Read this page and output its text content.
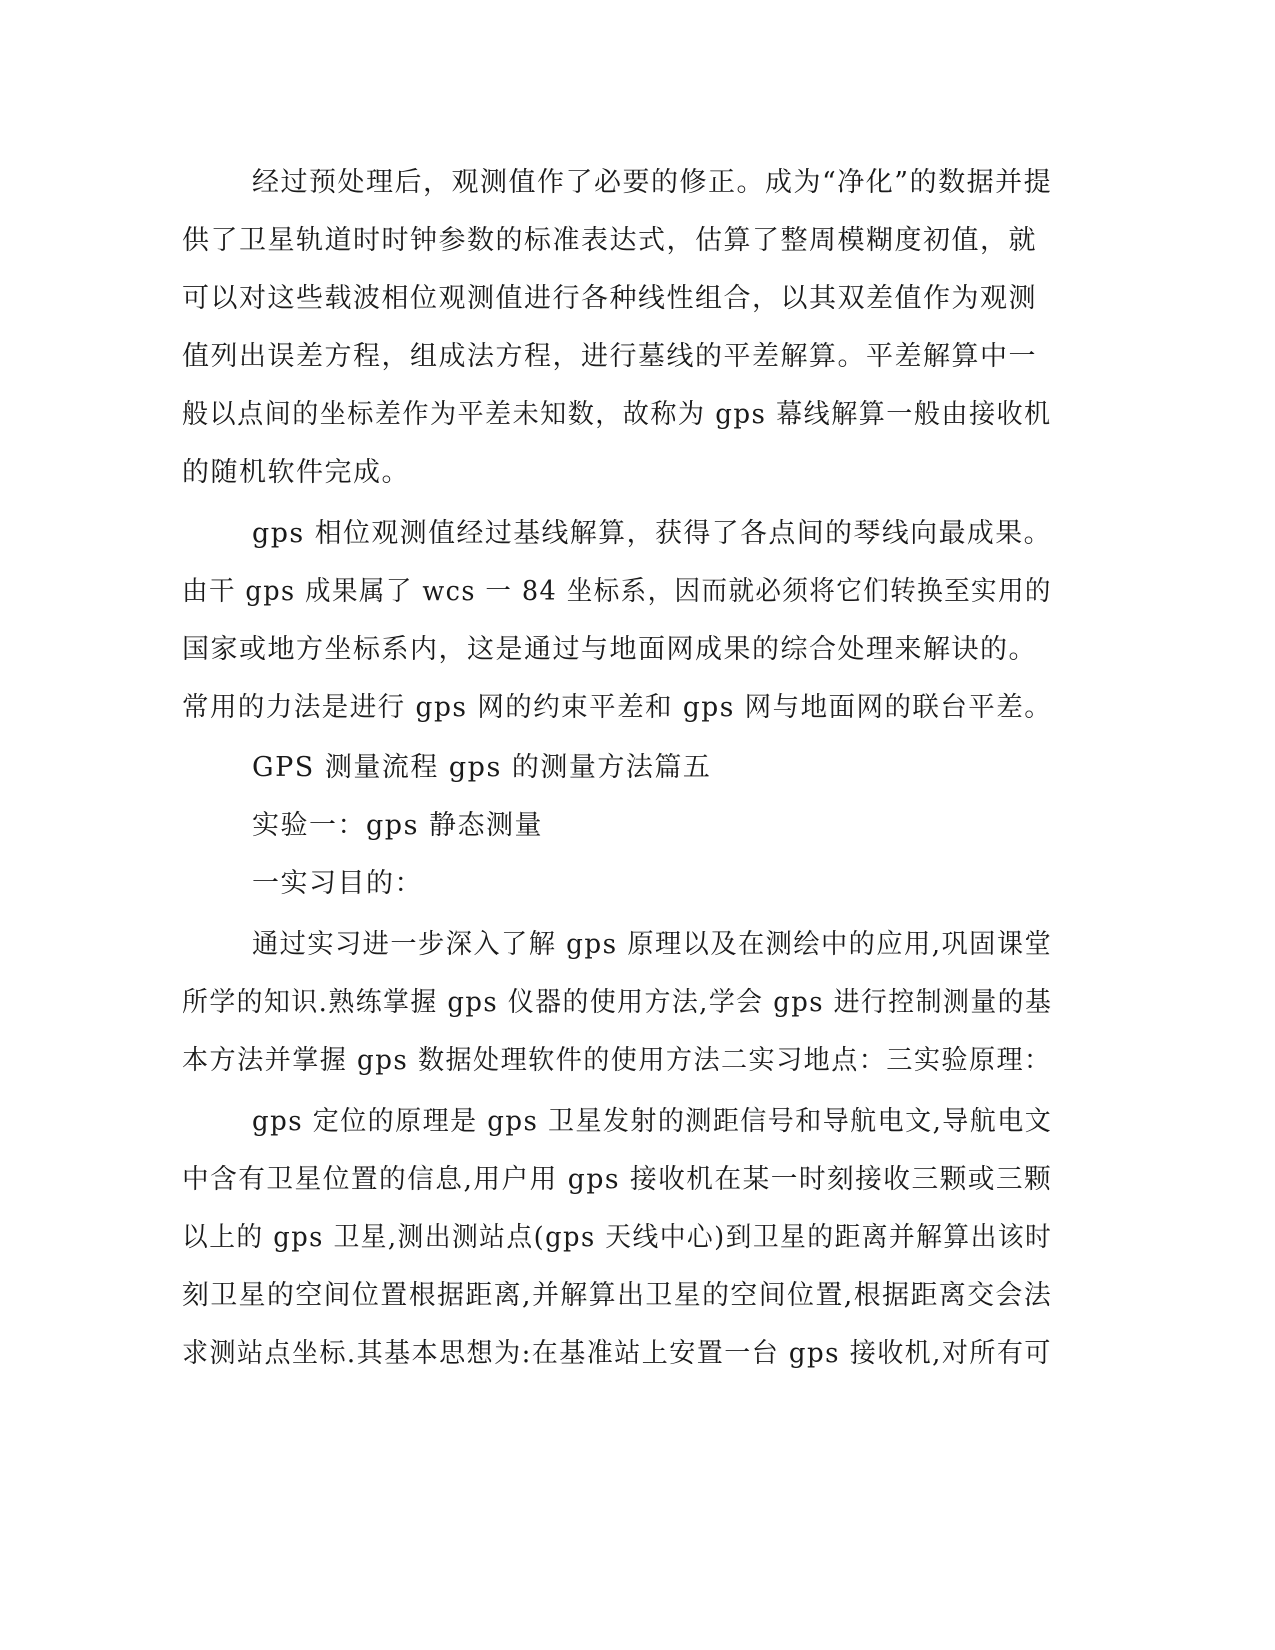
经过预处理后，观测值作了必要的修正。成为“净化”的数据并提
供了卫星轨道时时钟参数的标准表达式，估算了整周模糊度初值，就
可以对这些载波相位观测值进行各种线性组合，以其双差值作为观测
值列出误差方程，组成法方程，进行墓线的平差解算。平差解算中一
般以点间的坐标差作为平差未知数，故称为 gps 幕线解算一般由接收机
的随机软件完成。
gps 相位观测值经过基线解算，获得了各点间的琴线向最成果。
由干 gps 成果属了 wcs 一 84 坐标系，因而就必须将它们转换至实用的
国家或地方坐标系内，这是通过与地面网成果的综合处理来解诀的。
常用的力法是进行 gps 网的约束平差和 gps 网与地面网的联台平差。
GPS 测量流程 gps 的测量方法篇五
实验一：gps 静态测量
一实习目的：
通过实习进一步深入了解 gps 原理以及在测绘中的应用,巩固课堂
所学的知识.熟练掌握 gps 仪器的使用方法,学会 gps 进行控制测量的基
本方法并掌握 gps 数据处理软件的使用方法二实习地点：三实验原理：
gps 定位的原理是 gps 卫星发射的测距信号和导航电文,导航电文
中含有卫星位置的信息,用户用 gps 接收机在某一时刻接收三颗或三颗
以上的 gps 卫星,测出测站点(gps 天线中心)到卫星的距离并解算出该时
刻卫星的空间位置根据距离,并解算出卫星的空间位置,根据距离交会法
求测站点坐标.其基本思想为:在基准站上安置一台 gps 接收机,对所有可
